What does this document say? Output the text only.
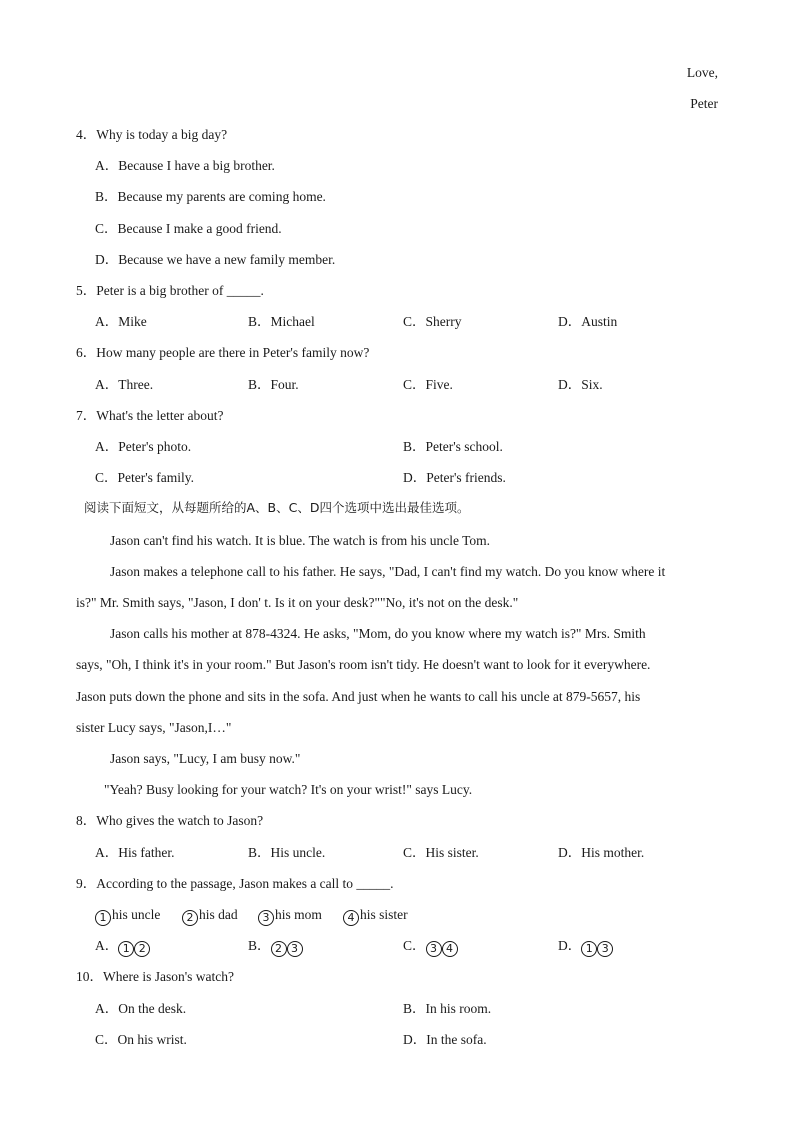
Love,
Peter
4．Why is today a big day?
A．Because I have a big brother.
B．Because my parents are coming home.
C．Because I make a good friend.
D．Because we have a new family member.
5．Peter is a big brother of _____.
A．Mike	B．Michael	C．Sherry	D．Austin
6．How many people are there in Peter's family now?
A．Three.	B．Four.	C．Five.	D．Six.
7．What's the letter about?
A．Peter's photo.	B．Peter's school.
C．Peter's family.	D．Peter's friends.
阅读下面短文，从每题所给的A、B、C、D四个选项中选出最佳选项。
Jason can't find his watch. It is blue. The watch is from his uncle Tom.
Jason makes a telephone call to his father. He says, "Dad, I can't find my watch. Do you know where it
is?" Mr. Smith says, "Jason, I don' t. Is it on your desk?""No, it's not on the desk."
Jason calls his mother at 878-4324. He asks, "Mom, do you know where my watch is?" Mrs. Smith
says, "Oh, I think it's in your room." But Jason's room isn't tidy. He doesn't want to look for it everywhere.
Jason puts down the phone and sits in the sofa. And just when he wants to call his uncle at 879-5657, his
sister Lucy says, "Jason,I…"
Jason says, "Lucy, I am busy now."
"Yeah? Busy looking for your watch? It's on your wrist!" says Lucy.
8．Who gives the watch to Jason?
A．His father.	B．His uncle.	C．His sister.	D．His mother.
9．According to the passage, Jason makes a call to _____.
1 his uncle	2 his dad	3 his mom	4 his sister
A． 1 2	B． 2 3	C． 3 4	D． 1 3
10．Where is Jason's watch?
A．On the desk.	B．In his room.
C．On his wrist.	D．In the sofa.
